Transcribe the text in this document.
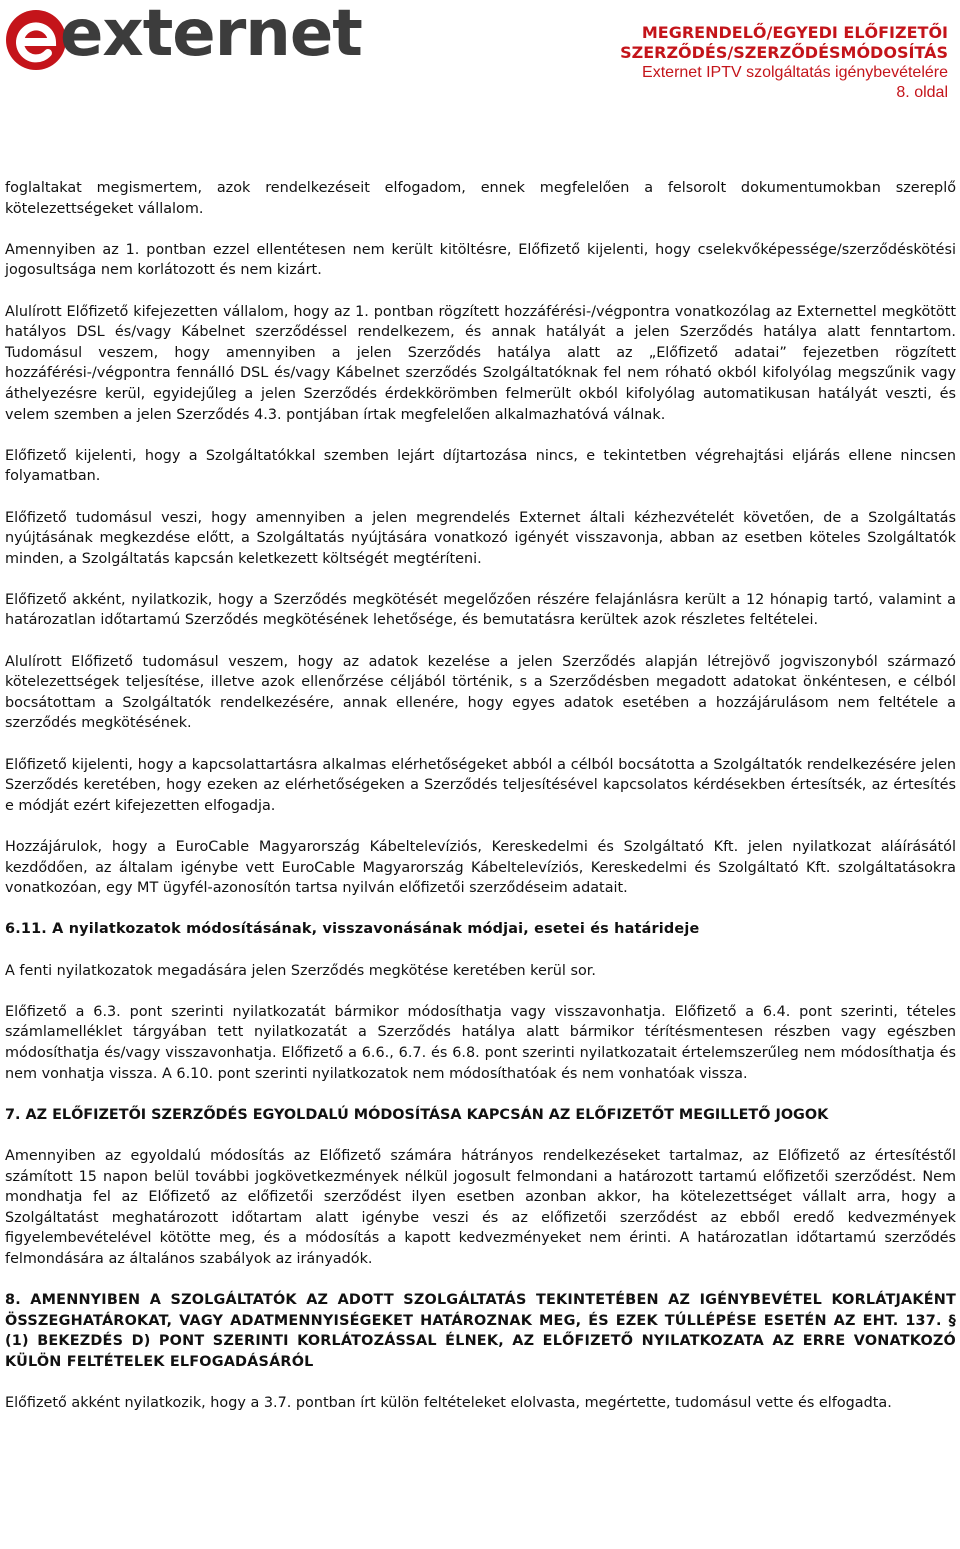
externet	MEGRENDELŐ/EGYEDI ELŐFIZETŐI
SZERZŐDÉS/SZERZŐDÉSMÓDOSÍTÁS
Externet IPTV szolgáltatás igénybevételére
8. oldal

foglaltakat megismertem, azok rendelkezéseit elfogadom, ennek megfelelően a felsorolt dokumentumokban szereplő kötelezettségeket vállalom.

Amennyiben az 1. pontban ezzel ellentétesen nem került kitöltésre, Előfizető kijelenti, hogy cselekvőképessége/szerződéskötési jogosultsága nem korlátozott és nem kizárt.

Alulírott Előfizető kifejezetten vállalom, hogy az 1. pontban rögzített hozzáférési-/végpontra vonatkozólag az Externettel megkötött hatályos DSL és/vagy Kábelnet szerződéssel rendelkezem, és annak hatályát a jelen Szerződés hatálya alatt fenntartom. Tudomásul veszem, hogy amennyiben a jelen Szerződés hatálya alatt az „Előfizető adatai” fejezetben rögzített hozzáférési-/végpontra fennálló DSL és/vagy Kábelnet szerződés Szolgáltatóknak fel nem róható okból kifolyólag megszűnik vagy áthelyezésre kerül, egyidejűleg a jelen Szerződés érdekkörömben felmerült okból kifolyólag automatikusan hatályát veszti, és velem szemben a jelen Szerződés 4.3. pontjában írtak megfelelően alkalmazhatóvá válnak.

Előfizető kijelenti, hogy a Szolgáltatókkal szemben lejárt díjtartozása nincs, e tekintetben végrehajtási eljárás ellene nincsen folyamatban.

Előfizető tudomásul veszi, hogy amennyiben a jelen megrendelés Externet általi kézhezvételét követően, de a Szolgáltatás nyújtásának megkezdése előtt, a Szolgáltatás nyújtására vonatkozó igényét visszavonja, abban az esetben köteles Szolgáltatók minden, a Szolgáltatás kapcsán keletkezett költségét megtéríteni.

Előfizető akként, nyilatkozik, hogy a Szerződés megkötését megelőzően részére felajánlásra került a 12 hónapig tartó, valamint a határozatlan időtartamú Szerződés megkötésének lehetősége, és bemutatásra kerültek azok részletes feltételei.

Alulírott Előfizető tudomásul veszem, hogy az adatok kezelése a jelen Szerződés alapján létrejövő jogviszonyból származó kötelezettségek teljesítése, illetve azok ellenőrzése céljából történik, s a Szerződésben megadott adatokat önkéntesen, e célból bocsátottam a Szolgáltatók rendelkezésére, annak ellenére, hogy egyes adatok esetében a hozzájárulásom nem feltétele a szerződés megkötésének.

Előfizető kijelenti, hogy a kapcsolattartásra alkalmas elérhetőségeket abból a célból bocsátotta a Szolgáltatók rendelkezésére jelen Szerződés keretében, hogy ezeken az elérhetőségeken a Szerződés teljesítésével kapcsolatos kérdésekben értesítsék, az értesítés e módját ezért kifejezetten elfogadja.

Hozzájárulok, hogy a EuroCable Magyarország Kábeltelevíziós, Kereskedelmi és Szolgáltató Kft. jelen nyilatkozat aláírásától kezdődően, az általam igénybe vett EuroCable Magyarország Kábeltelevíziós, Kereskedelmi és Szolgáltató Kft. szolgáltatásokra vonatkozóan, egy MT ügyfél-azonosítón tartsa nyilván előfizetői szerződéseim adatait.

6.11. A nyilatkozatok módosításának, visszavonásának módjai, esetei és határideje

A fenti nyilatkozatok megadására jelen Szerződés megkötése keretében kerül sor.

Előfizető a 6.3. pont szerinti nyilatkozatát bármikor módosíthatja vagy visszavonhatja. Előfizető a 6.4. pont szerinti, tételes számlamelléklet tárgyában tett nyilatkozatát a Szerződés hatálya alatt bármikor térítésmentesen részben vagy egészben módosíthatja és/vagy visszavonhatja. Előfizető a 6.6., 6.7. és 6.8. pont szerinti nyilatkozatait értelemszerűleg nem módosíthatja és nem vonhatja vissza. A 6.10. pont szerinti nyilatkozatok nem módosíthatóak és nem vonhatóak vissza.

7. AZ ELŐFIZETŐI SZERZŐDÉS EGYOLDALÚ MÓDOSÍTÁSA KAPCSÁN AZ ELŐFIZETŐT MEGILLETŐ JOGOK

Amennyiben az egyoldalú módosítás az Előfizető számára hátrányos rendelkezéseket tartalmaz, az Előfizető az értesítéstől számított 15 napon belül további jogkövetkezmények nélkül jogosult felmondani a határozott tartamú előfizetői szerződést. Nem mondhatja fel az Előfizető az előfizetői szerződést ilyen esetben azonban akkor, ha kötelezettséget vállalt arra, hogy a Szolgáltatást meghatározott időtartam alatt igénybe veszi és az előfizetői szerződést az ebből eredő kedvezmények figyelembevételével kötötte meg, és a módosítás a kapott kedvezményeket nem érinti. A határozatlan időtartamú szerződés felmondására az általános szabályok az irányadók.

8. AMENNYIBEN A SZOLGÁLTATÓK AZ ADOTT SZOLGÁLTATÁS TEKINTETÉBEN AZ IGÉNYBEVÉTEL KORLÁTJAKÉNT ÖSSZEGHATÁROKAT, VAGY ADATMENNYISÉGEKET HATÁROZNAK MEG, ÉS EZEK TÚLLÉPÉSE ESETÉN AZ EHT. 137. § (1) BEKEZDÉS D) PONT SZERINTI KORLÁTOZÁSSAL ÉLNEK, AZ ELŐFIZETŐ NYILATKOZATA AZ ERRE VONATKOZÓ KÜLÖN FELTÉTELEK ELFOGADÁSÁRÓL

Előfizető akként nyilatkozik, hogy a 3.7. pontban írt külön feltételeket elolvasta, megértette, tudomásul vette és elfogadta.
